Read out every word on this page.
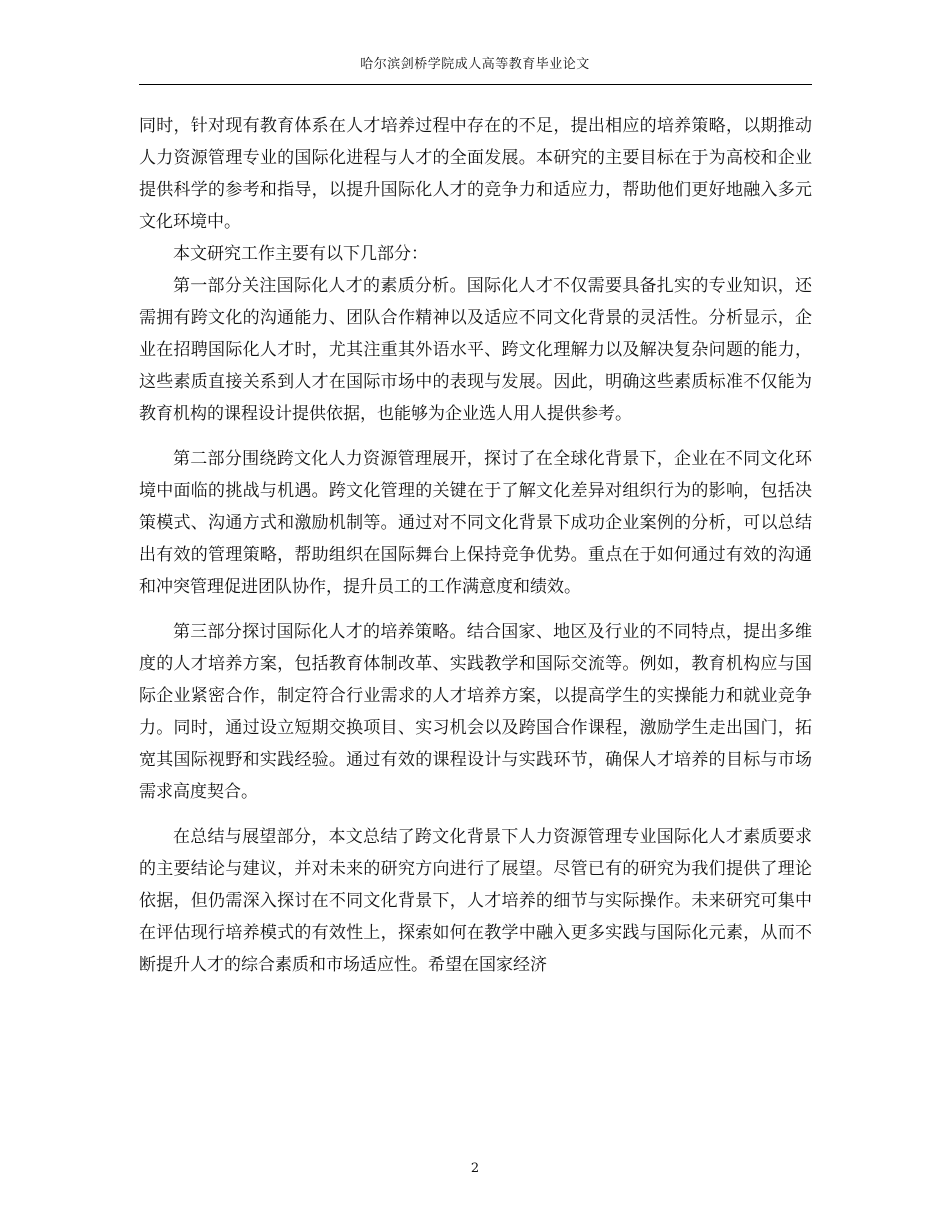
哈尔滨剑桥学院成人高等教育毕业论文

同时，针对现有教育体系在人才培养过程中存在的不足，提出相应的培养策略，以期推动人力资源管理专业的国际化进程与人才的全面发展。本研究的主要目标在于为高校和企业提供科学的参考和指导，以提升国际化人才的竞争力和适应力，帮助他们更好地融入多元文化环境中。

本文研究工作主要有以下几部分：

第一部分关注国际化人才的素质分析。国际化人才不仅需要具备扎实的专业知识，还需拥有跨文化的沟通能力、团队合作精神以及适应不同文化背景的灵活性。分析显示，企业在招聘国际化人才时，尤其注重其外语水平、跨文化理解力以及解决复杂问题的能力，这些素质直接关系到人才在国际市场中的表现与发展。因此，明确这些素质标准不仅能为教育机构的课程设计提供依据，也能够为企业选人用人提供参考。

第二部分围绕跨文化人力资源管理展开，探讨了在全球化背景下，企业在不同文化环境中面临的挑战与机遇。跨文化管理的关键在于了解文化差异对组织行为的影响，包括决策模式、沟通方式和激励机制等。通过对不同文化背景下成功企业案例的分析，可以总结出有效的管理策略，帮助组织在国际舞台上保持竞争优势。重点在于如何通过有效的沟通和冲突管理促进团队协作，提升员工的工作满意度和绩效。

第三部分探讨国际化人才的培养策略。结合国家、地区及行业的不同特点，提出多维度的人才培养方案，包括教育体制改革、实践教学和国际交流等。例如，教育机构应与国际企业紧密合作，制定符合行业需求的人才培养方案，以提高学生的实操能力和就业竞争力。同时，通过设立短期交换项目、实习机会以及跨国合作课程，激励学生走出国门，拓宽其国际视野和实践经验。通过有效的课程设计与实践环节，确保人才培养的目标与市场需求高度契合。

在总结与展望部分，本文总结了跨文化背景下人力资源管理专业国际化人才素质要求的主要结论与建议，并对未来的研究方向进行了展望。尽管已有的研究为我们提供了理论依据，但仍需深入探讨在不同文化背景下，人才培养的细节与实际操作。未来研究可集中在评估现行培养模式的有效性上，探索如何在教学中融入更多实践与国际化元素，从而不断提升人才的综合素质和市场适应性。希望在国家经济

2
